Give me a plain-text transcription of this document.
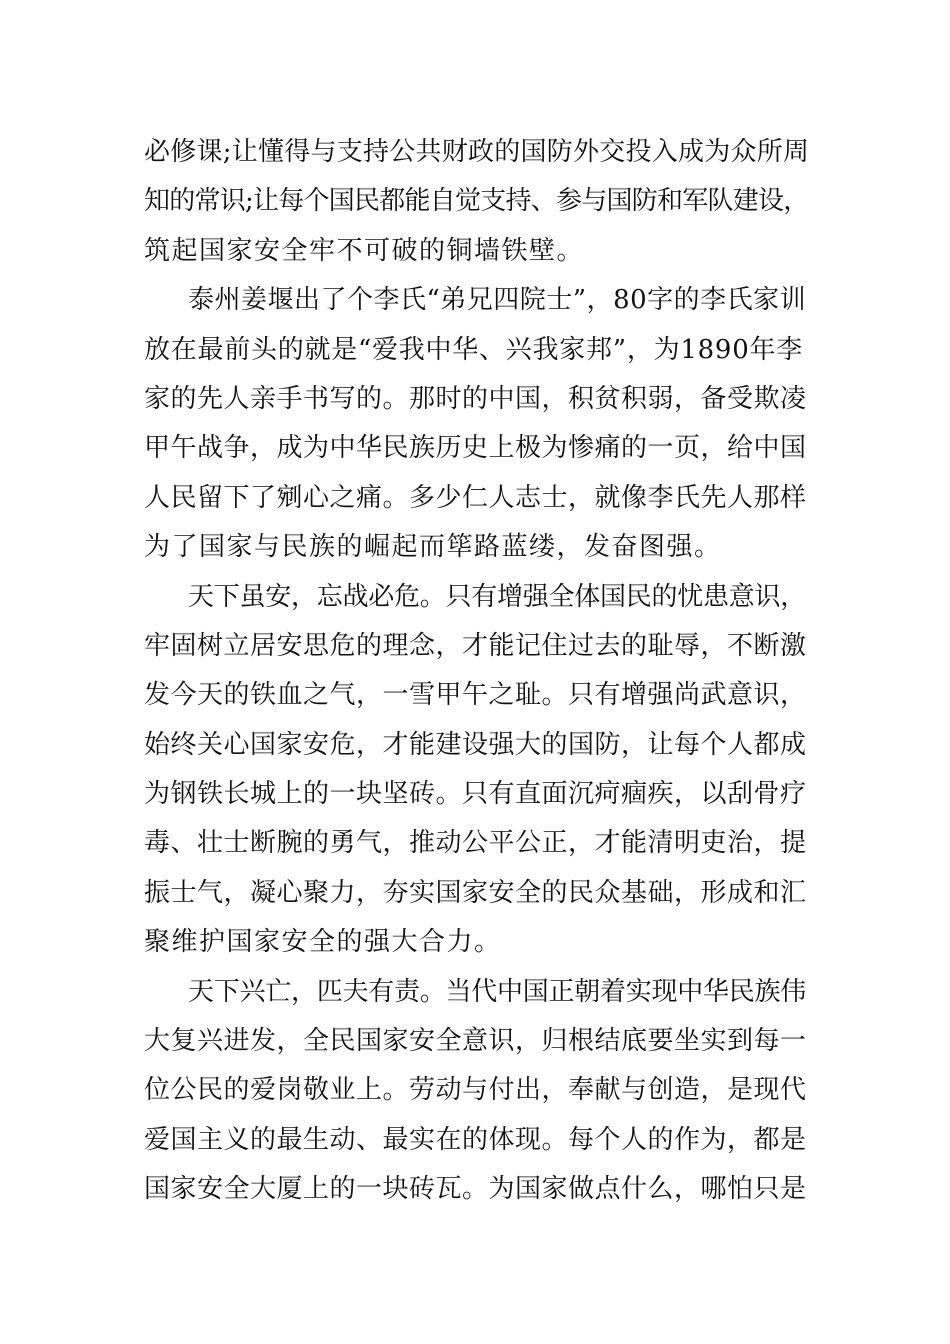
必修课;让懂得与支持公共财政的国防外交投入成为众所周
知的常识;让每个国民都能自觉支持、参与国防和军队建设，
筑起国家安全牢不可破的铜墙铁壁。
泰州姜堰出了个李氏“弟兄四院士”，80字的李氏家训
放在最前头的就是“爱我中华、兴我家邦”，为1890年李
家的先人亲手书写的。那时的中国，积贫积弱，备受欺凌
甲午战争，成为中华民族历史上极为惨痛的一页，给中国
人民留下了剜心之痛。多少仁人志士，就像李氏先人那样
为了国家与民族的崛起而筚路蓝缕，发奋图强。
天下虽安，忘战必危。只有增强全体国民的忧患意识，
牢固树立居安思危的理念，才能记住过去的耻辱，不断激
发今天的铁血之气，一雪甲午之耻。只有增强尚武意识，
始终关心国家安危，才能建设强大的国防，让每个人都成
为钢铁长城上的一块坚砖。只有直面沉疴痼疾，以刮骨疗
毒、壮士断腕的勇气，推动公平公正，才能清明吏治，提
振士气，凝心聚力，夯实国家安全的民众基础，形成和汇
聚维护国家安全的强大合力。
天下兴亡，匹夫有责。当代中国正朝着实现中华民族伟
大复兴进发，全民国家安全意识，归根结底要坐实到每一
位公民的爱岗敬业上。劳动与付出，奉献与创造，是现代
爱国主义的最生动、最实在的体现。每个人的作为，都是
国家安全大厦上的一块砖瓦。为国家做点什么，哪怕只是
